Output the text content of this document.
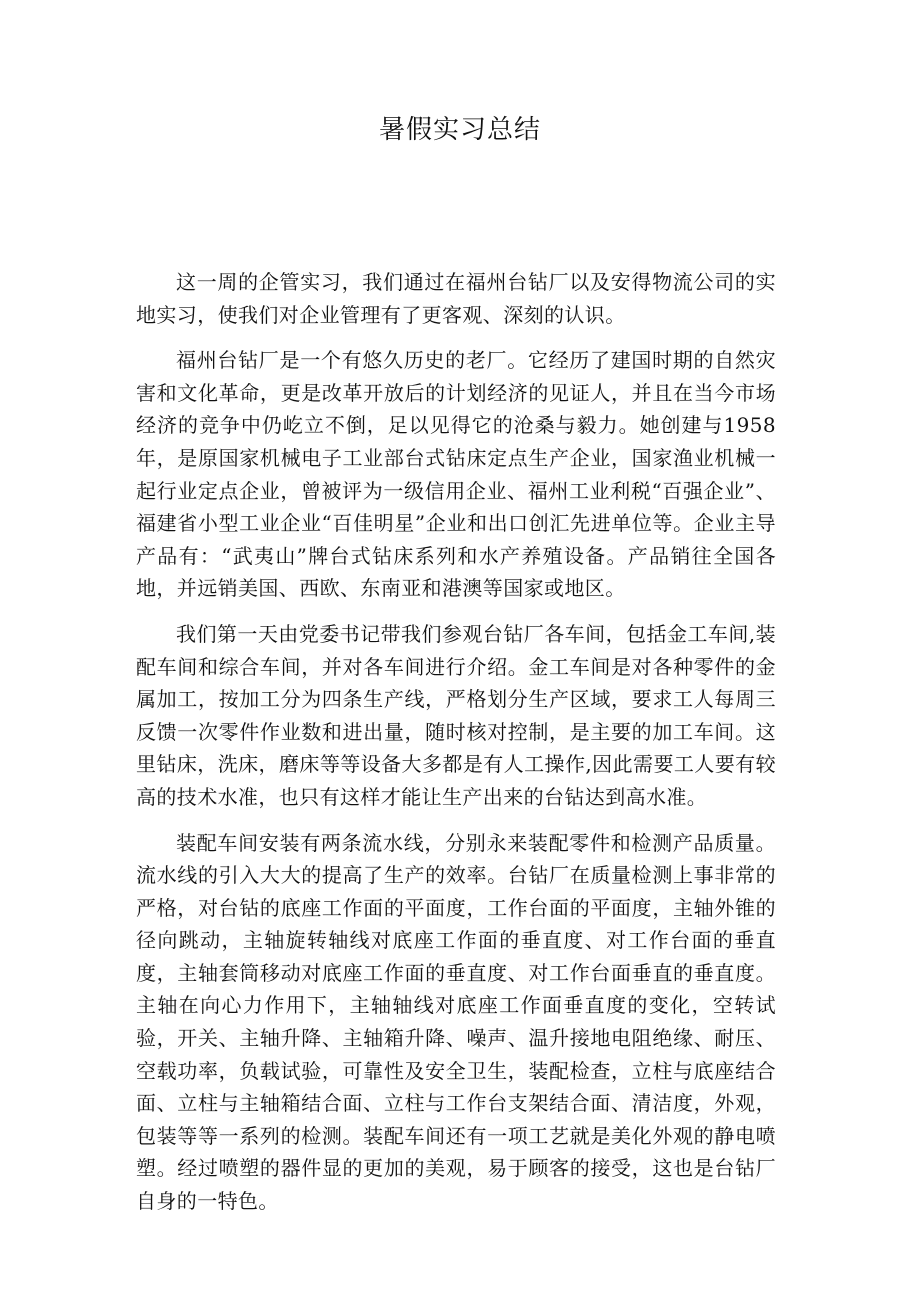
暑假实习总结

这一周的企管实习，我们通过在福州台钻厂以及安得物流公司的实地实习，使我们对企业管理有了更客观、深刻的认识。

福州台钻厂是一个有悠久历史的老厂。它经历了建国时期的自然灾害和文化革命，更是改革开放后的计划经济的见证人，并且在当今市场经济的竞争中仍屹立不倒，足以见得它的沧桑与毅力。她创建与1958年，是原国家机械电子工业部台式钻床定点生产企业，国家渔业机械一起行业定点企业，曾被评为一级信用企业、福州工业利税“百强企业”、福建省小型工业企业“百佳明星”企业和出口创汇先进单位等。企业主导产品有：“武夷山”牌台式钻床系列和水产养殖设备。产品销往全国各地，并远销美国、西欧、东南亚和港澳等国家或地区。

我们第一天由党委书记带我们参观台钻厂各车间，包括金工车间,装配车间和综合车间，并对各车间进行介绍。金工车间是对各种零件的金属加工，按加工分为四条生产线，严格划分生产区域，要求工人每周三反馈一次零件作业数和进出量，随时核对控制，是主要的加工车间。这里钻床，洗床，磨床等等设备大多都是有人工操作,因此需要工人要有较高的技术水准，也只有这样才能让生产出来的台钻达到高水准。

装配车间安装有两条流水线，分别永来装配零件和检测产品质量。流水线的引入大大的提高了生产的效率。台钻厂在质量检测上事非常的严格，对台钻的底座工作面的平面度，工作台面的平面度，主轴外锥的径向跳动，主轴旋转轴线对底座工作面的垂直度、对工作台面的垂直度，主轴套筒移动对底座工作面的垂直度、对工作台面垂直的垂直度。主轴在向心力作用下，主轴轴线对底座工作面垂直度的变化，空转试验，开关、主轴升降、主轴箱升降、噪声、温升接地电阻绝缘、耐压、空载功率，负载试验，可靠性及安全卫生，装配检查，立柱与底座结合面、立柱与主轴箱结合面、立柱与工作台支架结合面、清洁度，外观，包装等等一系列的检测。装配车间还有一项工艺就是美化外观的静电喷塑。经过喷塑的器件显的更加的美观，易于顾客的接受，这也是台钻厂自身的一特色。
